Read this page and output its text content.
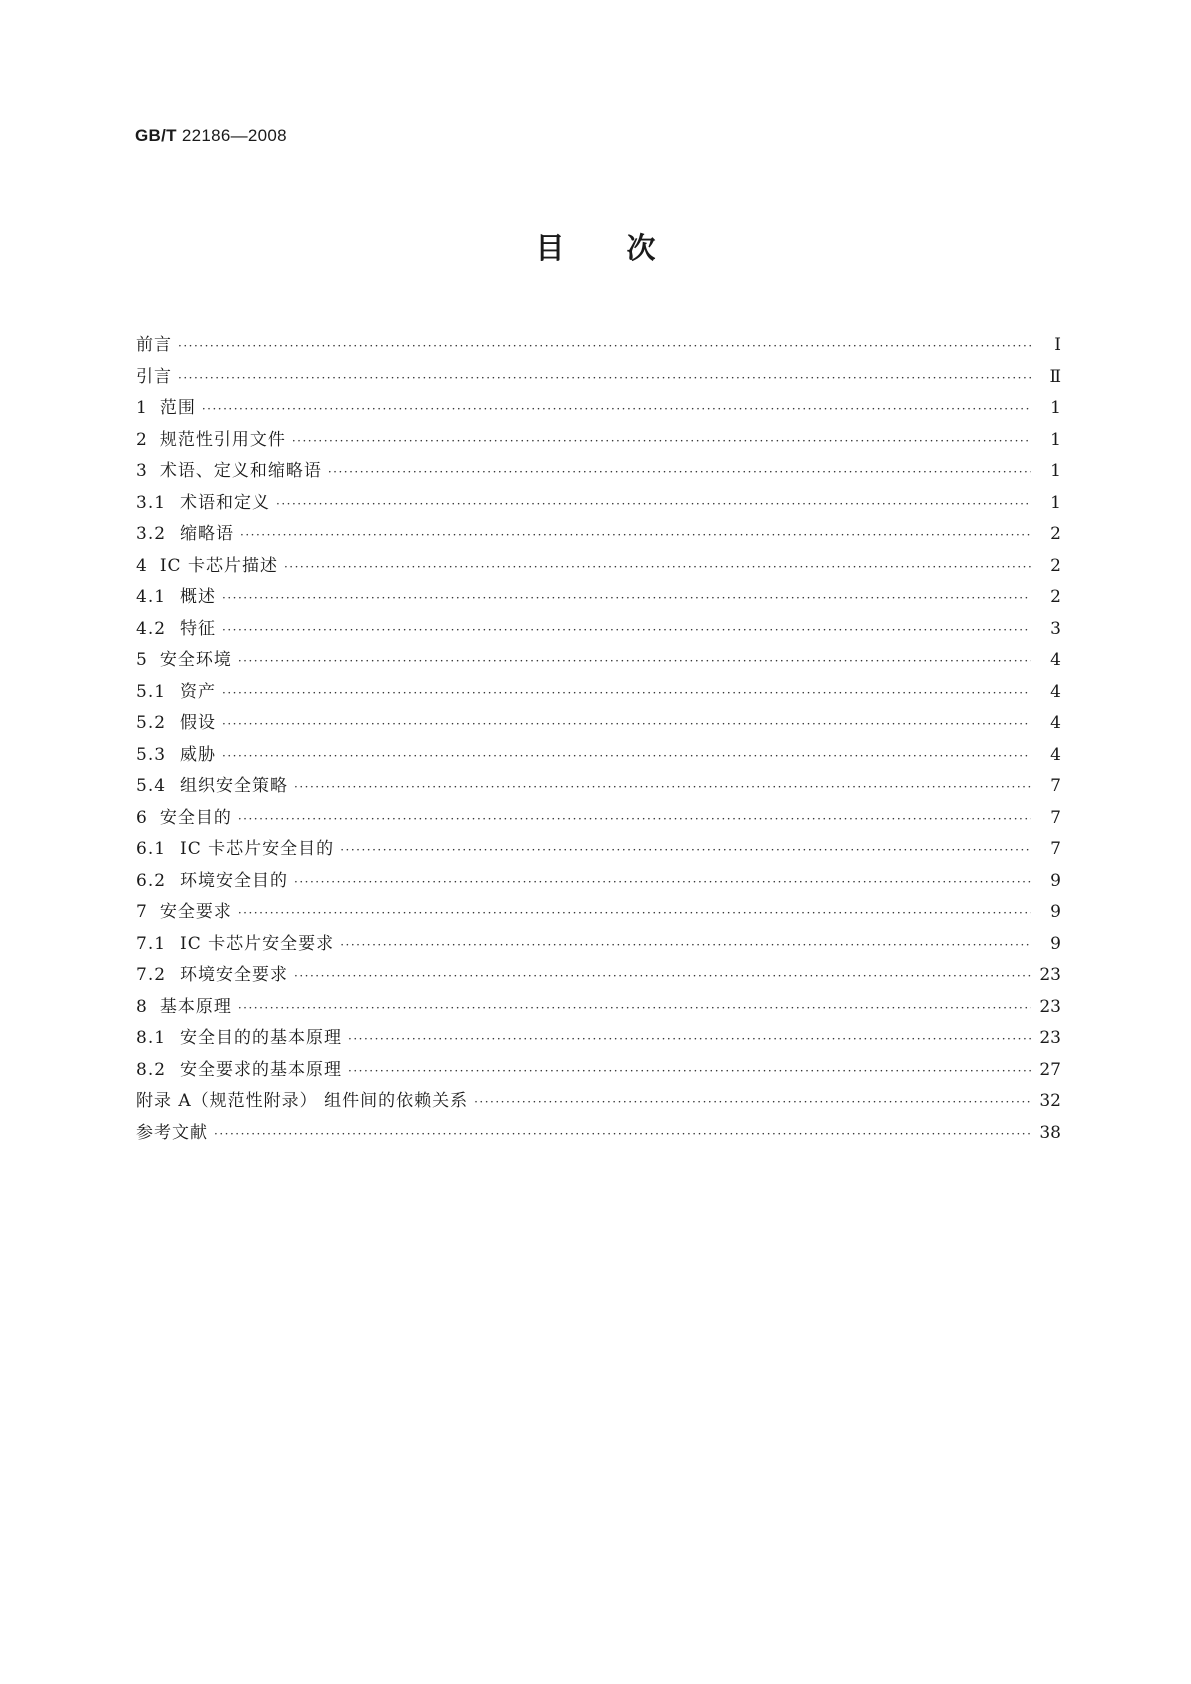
GB/T 22186—2008
目次
前言 ·····	Ⅰ
引言 ·····	Ⅱ
1 范围 ·····	1
2 规范性引用文件 ·····	1
3 术语、定义和缩略语 ·····	1
3.1 术语和定义 ·····	1
3.2 缩略语 ·····	2
4 IC 卡芯片描述 ·····	2
4.1 概述 ·····	2
4.2 特征 ·····	3
5 安全环境 ·····	4
5.1 资产 ·····	4
5.2 假设 ·····	4
5.3 威胁 ·····	4
5.4 组织安全策略 ·····	7
6 安全目的 ·····	7
6.1 IC 卡芯片安全目的 ·····	7
6.2 环境安全目的 ·····	9
7 安全要求 ·····	9
7.1 IC 卡芯片安全要求 ·····	9
7.2 环境安全要求 ·····	23
8 基本原理 ·····	23
8.1 安全目的的基本原理 ·····	23
8.2 安全要求的基本原理 ·····	27
附录 A（规范性附录） 组件间的依赖关系 ·····	32
参考文献 ·····	38
